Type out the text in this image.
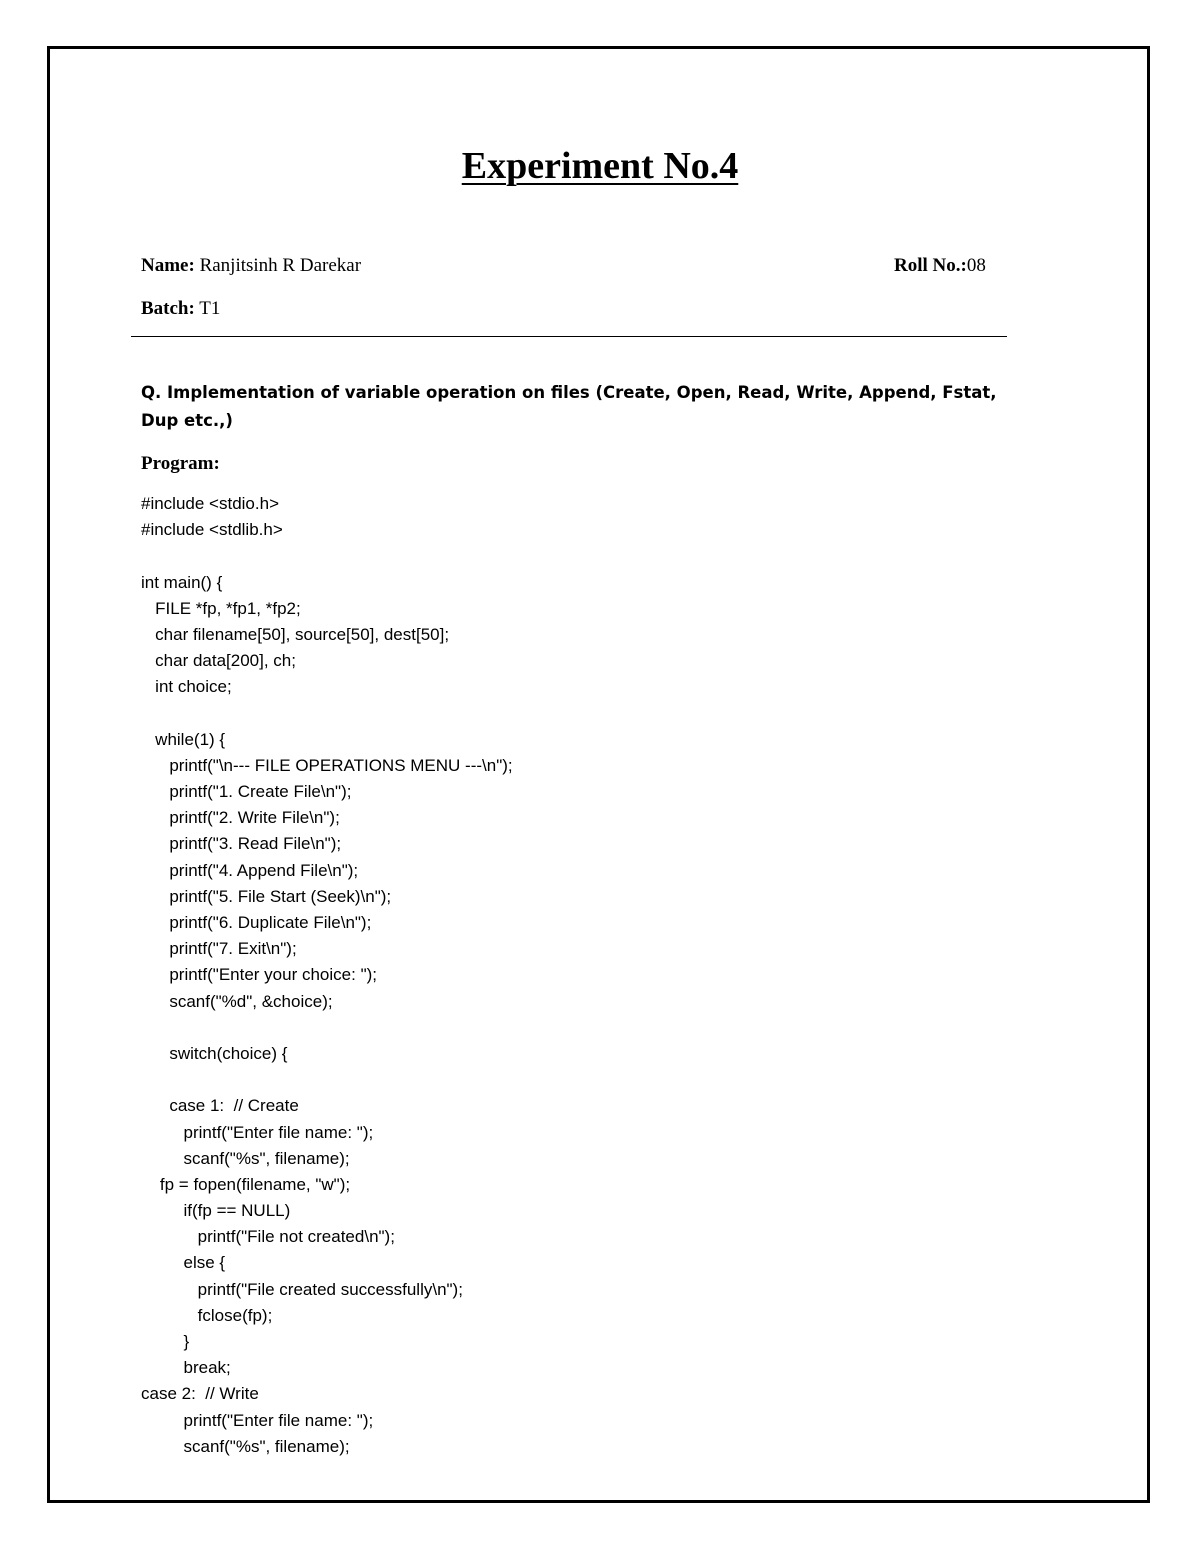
Experiment No.4
Name: Ranjitsinh R Darekar	Roll No.:08
Batch: T1
Q. Implementation of variable operation on files (Create, Open, Read, Write, Append, Fstat, Dup etc.,)
Program:
#include <stdio.h>
#include <stdlib.h>
int main() {
FILE *fp, *fp1, *fp2;
char filename[50], source[50], dest[50];
char data[200], ch;
int choice;
while(1) {
printf("\n--- FILE OPERATIONS MENU ---\n");
printf("1. Create File\n");
printf("2. Write File\n");
printf("3. Read File\n");
printf("4. Append File\n");
printf("5. File Start (Seek)\n");
printf("6. Duplicate File\n");
printf("7. Exit\n");
printf("Enter your choice: ");
scanf("%d", &choice);
switch(choice) {
case 1:  // Create
printf("Enter file name: ");
scanf("%s", filename);
fp = fopen(filename, "w");
if(fp == NULL)
printf("File not created\n");
else {
printf("File created successfully\n");
fclose(fp);
}
break;
case 2:  // Write
printf("Enter file name: ");
scanf("%s", filename);
